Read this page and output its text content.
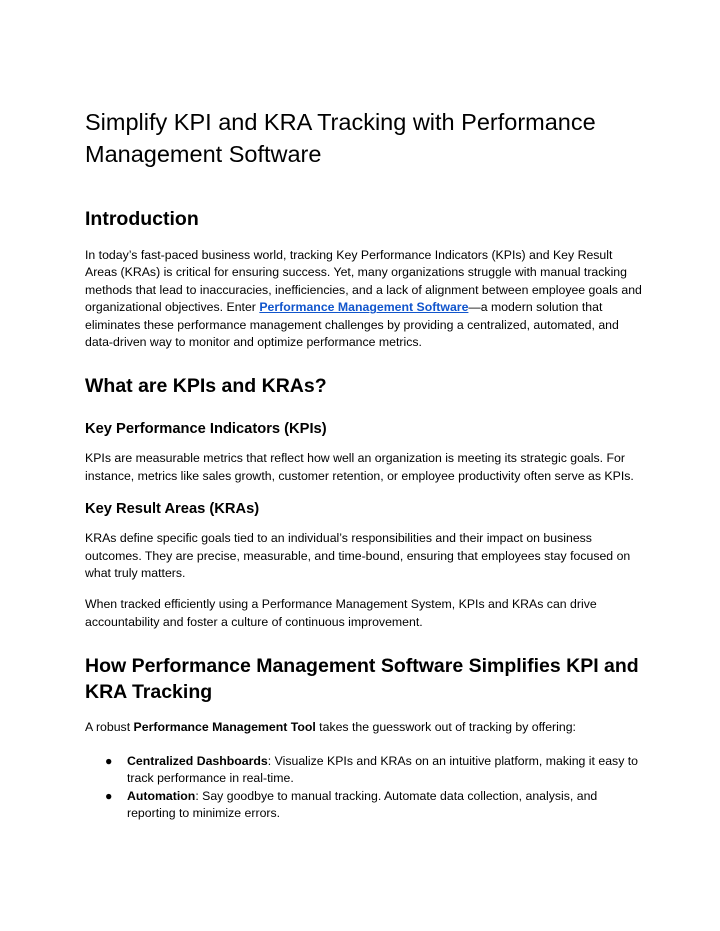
Simplify KPI and KRA Tracking with Performance Management Software
Introduction

In today’s fast-paced business world, tracking Key Performance Indicators (KPIs) and Key Result Areas (KRAs) is critical for ensuring success. Yet, many organizations struggle with manual tracking methods that lead to inaccuracies, inefficiencies, and a lack of alignment between employee goals and organizational objectives. Enter Performance Management Software—a modern solution that eliminates these performance management challenges by providing a centralized, automated, and data-driven way to monitor and optimize performance metrics.

What are KPIs and KRAs?
Key Performance Indicators (KPIs)

KPIs are measurable metrics that reflect how well an organization is meeting its strategic goals. For instance, metrics like sales growth, customer retention, or employee productivity often serve as KPIs.

Key Result Areas (KRAs)

KRAs define specific goals tied to an individual’s responsibilities and their impact on business outcomes. They are precise, measurable, and time-bound, ensuring that employees stay focused on what truly matters.

When tracked efficiently using a Performance Management System, KPIs and KRAs can drive accountability and foster a culture of continuous improvement.

How Performance Management Software Simplifies KPI and KRA Tracking

A robust Performance Management Tool takes the guesswork out of tracking by offering:

● Centralized Dashboards: Visualize KPIs and KRAs on an intuitive platform, making it easy to track performance in real-time.
● Automation: Say goodbye to manual tracking. Automate data collection, analysis, and reporting to minimize errors.
